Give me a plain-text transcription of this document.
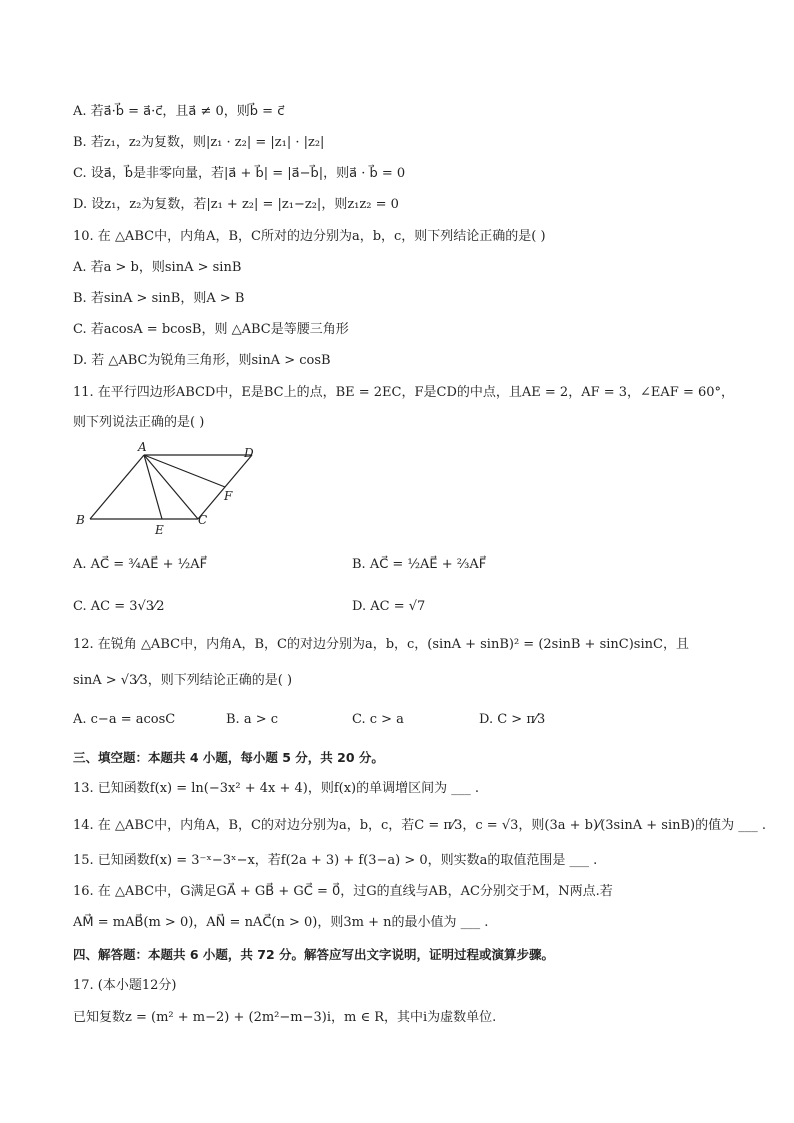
A. 若a⃗·b⃗ = a⃗·c⃗，且a⃗ ≠ 0，则b⃗ = c⃗
B. 若z₁，z₂为复数，则|z₁ · z₂| = |z₁| · |z₂|
C. 设a⃗，b⃗是非零向量，若|a⃗ + b⃗| = |a⃗−b⃗|，则a⃗ · b⃗ = 0
D. 设z₁，z₂为复数，若|z₁ + z₂| = |z₁−z₂|，则z₁z₂ = 0
10. 在 △ABC中，内角A，B，C所对的边分别为a，b，c，则下列结论正确的是( )
A. 若a > b，则sinA > sinB
B. 若sinA > sinB，则A > B
C. 若acosA = bcosB，则 △ABC是等腰三角形
D. 若 △ABC为锐角三角形，则sinA > cosB
11. 在平行四边形ABCD中，E是BC上的点，BE = 2EC，F是CD的中点，且AE = 2，AF = 3，∠EAF = 60°，
则下列说法正确的是( )
A	D
B
E
C
F
A. AC⃗ = ³⁄₄AE⃗ + ½AF⃗	B. AC⃗ = ½AE⃗ + ⅔AF⃗
C. AC = 3√3⁄2	D. AC = √7
12. 在锐角 △ABC中，内角A，B，C的对边分别为a，b，c，(sinA + sinB)² = (2sinB + sinC)sinC，且
sinA > √3⁄3，则下列结论正确的是( )
A. c−a = acosC	B. a > c	C. c > a	D. C > π⁄3
三、填空题：本题共 4 小题，每小题 5 分，共 20 分。
13. 已知函数f(x) = ln(−3x² + 4x + 4)，则f(x)的单调增区间为 ___ .
14. 在 △ABC中，内角A，B，C的对边分别为a，b，c，若C = π⁄3，c = √3，则(3a + b)⁄(3sinA + sinB)的值为 ___ .
15. 已知函数f(x) = 3⁻ˣ−3ˣ−x，若f(2a + 3) + f(3−a) > 0，则实数a的取值范围是 ___ .
16. 在 △ABC中，G满足GA⃗ + GB⃗ + GC⃗ = 0⃗，过G的直线与AB，AC分别交于M，N两点.若
AM⃗ = mAB⃗(m > 0)，AN⃗ = nAC⃗(n > 0)，则3m + n的最小值为 ___ .
四、解答题：本题共 6 小题，共 72 分。解答应写出文字说明，证明过程或演算步骤。
17. (本小题12分)
已知复数z = (m² + m−2) + (2m²−m−3)i，m ∈ R，其中i为虚数单位.
